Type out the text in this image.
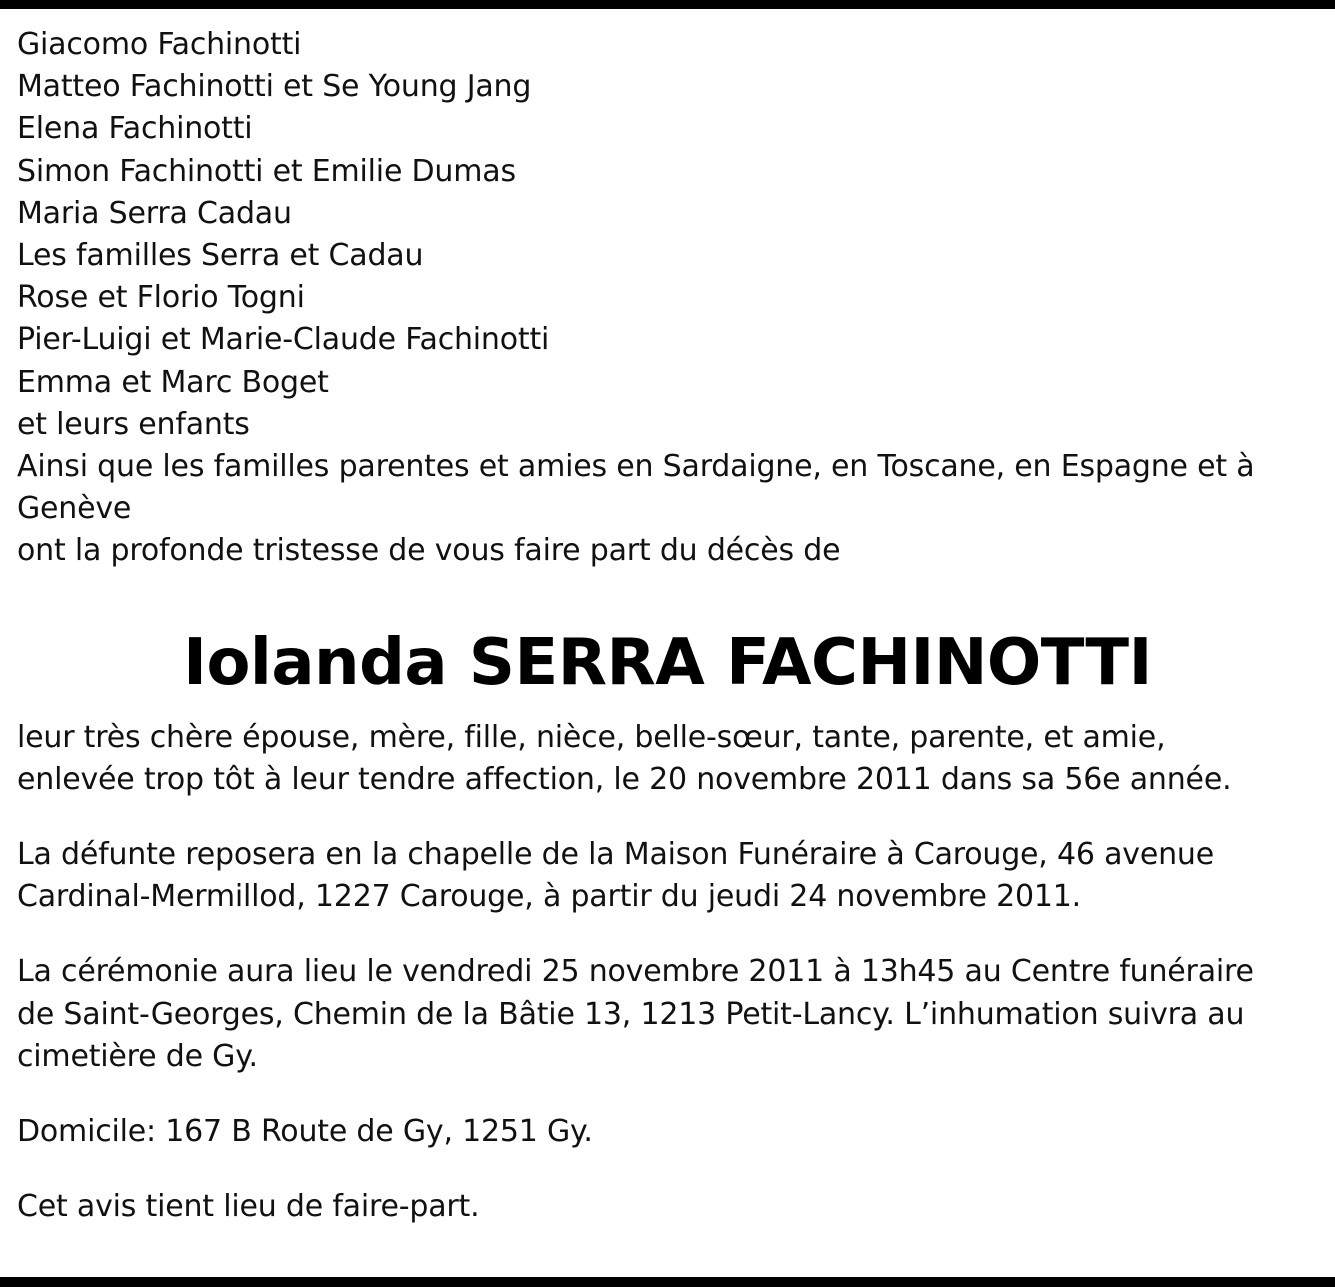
Giacomo Fachinotti
Matteo Fachinotti et Se Young Jang
Elena Fachinotti
Simon Fachinotti et Emilie Dumas
Maria Serra Cadau
Les familles Serra et Cadau
Rose et Florio Togni
Pier-Luigi et Marie-Claude Fachinotti
Emma et Marc Boget
et leurs enfants
Ainsi que les familles parentes et amies en Sardaigne, en Toscane, en Espagne et à Genève
ont la profonde tristesse de vous faire part du décès de
Iolanda SERRA FACHINOTTI
leur très chère épouse, mère, fille, nièce, belle-sœur, tante, parente, et amie,
enlevée trop tôt à leur tendre affection, le 20 novembre 2011 dans sa 56e année.
La défunte reposera en la chapelle de la Maison Funéraire à Carouge, 46 avenue
Cardinal-Mermillod, 1227 Carouge, à partir du jeudi 24 novembre 2011.
La cérémonie aura lieu le vendredi 25 novembre 2011 à 13h45 au Centre funéraire
de Saint-Georges, Chemin de la Bâtie 13, 1213 Petit-Lancy. L’inhumation suivra au
cimetière de Gy.
Domicile: 167 B Route de Gy, 1251 Gy.
Cet avis tient lieu de faire-part.
